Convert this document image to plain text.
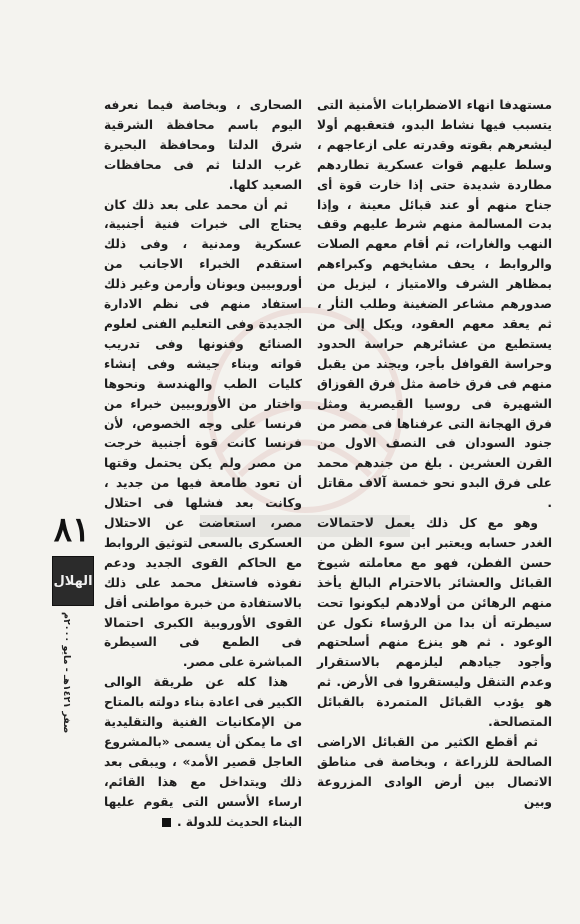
مستهدفا انهاء الاضطرابات الأمنية التى يتسبب فيها نشاط البدو، فتعقبهم أولا ليشعرهم بقوته وقدرته على ازعاجهم ، وسلط عليهم قوات عسكرية تطاردهم مطاردة شديدة حتى إذا خارت قوة أى جناح منهم أو عند قبائل معينة ، وإذا بدت المسالمة منهم شرط عليهم وقف النهب والغارات، ثم أقام معهم الصلات والروابط ، يحف مشايخهم وكبراءهم بمظاهر الشرف والامتياز ، ليزيل من صدورهم مشاعر الضغينة وطلب الثأر ، ثم يعقد معهم العقود، ويكل إلى من يستطيع من عشائرهم حراسة الحدود وحراسة القوافل بأجر، ويجند من يقبل منهم فى فرق خاصة مثل فرق القوزاق الشهيرة فى روسيا القيصرية ومثل فرق الهجانة التى عرفناها فى مصر من جنود السودان فى النصف الاول من القرن العشرين . بلغ من جندهم محمد على فرق البدو نحو خمسة آلاف مقاتل .

وهو مع كل ذلك يعمل لاحتمالات الغدر حسابه ويعتبر ابن سوء الظن من حسن الفطن، فهو مع معاملته شيوخ القبائل والعشائر بالاحترام البالغ يأخذ منهم الرهائن من أولادهم ليكونوا تحت سيطرته أن بدا من الرؤساء نكول عن الوعود . ثم هو ينزع منهم أسلحتهم وأجود جيادهم ليلزمهم بالاستقرار وعدم التنقل وليستقروا فى الأرض. ثم هو يؤدب القبائل المتمردة بالقبائل المتصالحة.

ثم أقطع الكثير من القبائل الاراضى الصالحة للزراعة ، وبخاصة فى مناطق الاتصال بين أرض الوادى المزروعة وبين

الصحارى ، وبخاصة فيما نعرفه اليوم باسم محافظة الشرقية شرق الدلتا ومحافظة البحيرة غرب الدلتا ثم فى محافظات الصعيد كلها.

ثم أن محمد على بعد ذلك كان يحتاج الى خبرات فنية أجنبية، عسكرية ومدنية ، وفى ذلك استقدم الخبراء الاجانب من أوروبيين ويونان وأرمن وغير ذلك استفاد منهم فى نظم الادارة الجديدة وفى التعليم الفنى لعلوم الصنائع وفنونها وفى تدريب قواته وبناء جيشه وفى إنشاء كليات الطب والهندسة ونحوها واختار من الأوروبيين خبراء من فرنسا على وجه الخصوص، لأن فرنسا كانت قوة أجنبية خرجت من مصر ولم يكن يحتمل وقتها أن تعود طامعة فيها من جديد ، وكانت بعد فشلها فى احتلال مصر، استعاضت عن الاحتلال العسكرى بالسعى لتوثيق الروابط مع الحاكم القوى الجديد ودعم نفوذه فاستغل محمد على ذلك بالاستفادة من خبرة مواطنى أقل القوى الأوروبية الكبرى احتمالا فى الطمع فى السيطرة المباشرة على مصر.

هذا كله عن طريقة الوالى الكبير فى اعادة بناء دولته بالمتاح من الإمكانيات الفنية والتقليدية اى ما يمكن أن يسمى «بالمشروع العاجل قصير الأمد» ، ويبقى بعد ذلك ويتداخل مع هذا القائم، ارساء الأسس التى يقوم عليها البناء الحديث للدولة .

٨١
الهلال
صفر ١٤٢١هـ - مايو ٢٠٠٠م
